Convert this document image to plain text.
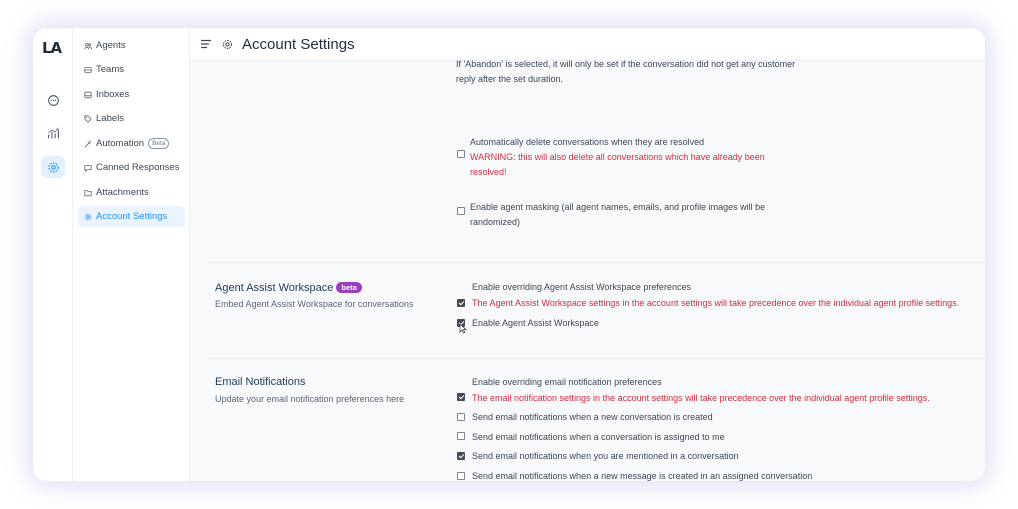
LA	Agents
Teams
Inboxes
Labels
Automation	Beta
Canned Responses
Attachments
Account Settings
Account Settings
If 'Abandon' is selected, it will only be set if the conversation did not get any customer
reply after the set duration.
Automatically delete conversations when they are resolved
WARNING: this will also delete all conversations which have already been
resolved!
Enable agent masking (all agent names, emails, and profile images will be
randomized)
Agent Assist Workspace beta
Embed Agent Assist Workspace for conversations
Enable overriding Agent Assist Workspace preferences
The Agent Assist Workspace settings in the account settings will take precedence over the individual agent profile settings.
Enable Agent Assist Workspace
Email Notifications
Update your email notification preferences here
Enable overriding email notification preferences
The email notification settings in the account settings will take precedence over the individual agent profile settings.
Send email notifications when a new conversation is created
Send email notifications when a conversation is assigned to me
Send email notifications when you are mentioned in a conversation
Send email notifications when a new message is created in an assigned conversation
